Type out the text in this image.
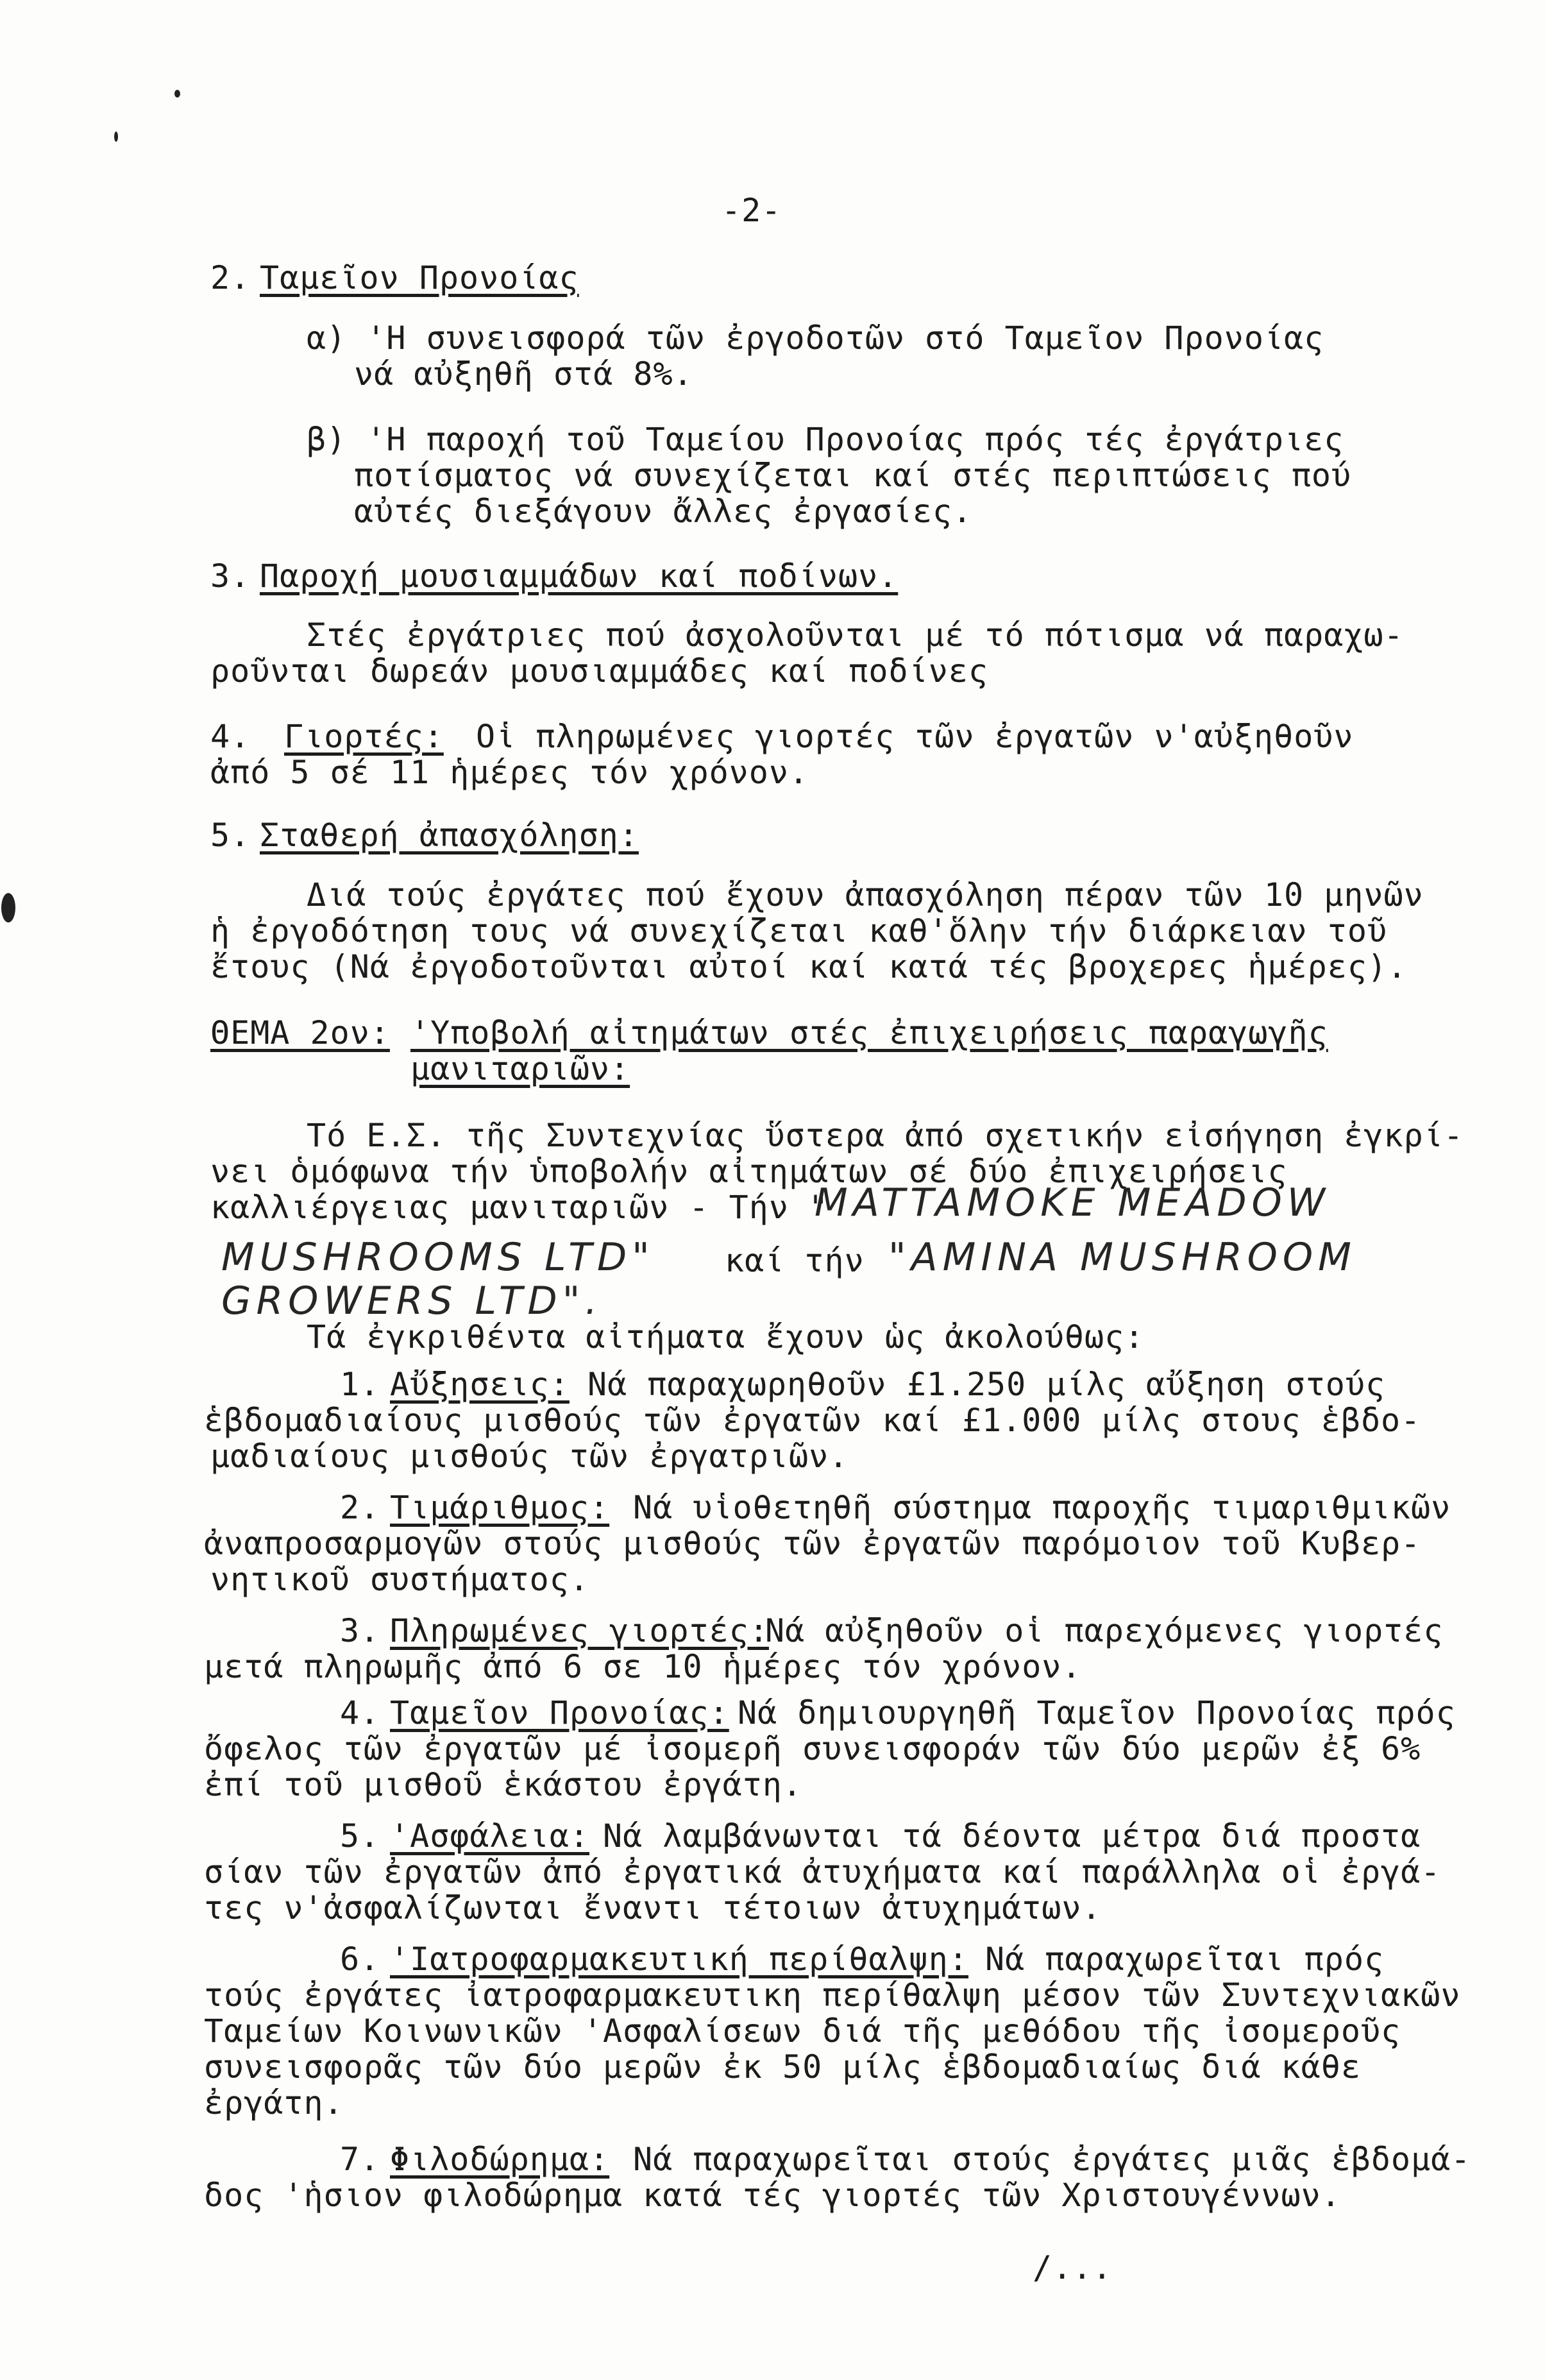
-2-
2. Ταμεῖον Προνοίας
α) 'Η συνεισφορά τῶν ἐργοδοτῶν στό Ταμεῖον Προνοίας
νά αὐξηθῆ στά 8%.
β) 'Η παροχή τοῦ Ταμείου Προνοίας πρός τές ἐργάτριες
ποτίσματος νά συνεχίζεται καί στές περιπτώσεις πού
αὐτές διεξάγουν ἄλλες ἐργασίες.
3. Παροχή μουσιαμμάδων καί ποδίνων.
Στές ἐργάτριες πού ἀσχολοῦνται μέ τό πότισμα νά παραχω-
ροῦνται δωρεάν μουσιαμμάδες καί ποδίνες
4. Γιορτές: Οἱ πληρωμένες γιορτές τῶν ἐργατῶν ν'αὐξηθοῦν
ἀπό 5 σέ 11 ἡμέρες τόν χρόνον.
5. Σταθερή ἀπασχόληση:
Διά τούς ἐργάτες πού ἔχουν ἀπασχόληση πέραν τῶν 10 μηνῶν
ἡ ἐργοδότηση τους νά συνεχίζεται καθ'ὅλην τήν διάρκειαν τοῦ
ἔτους (Νά ἐργοδοτοῦνται αὐτοί καί κατά τές βροχερες ἡμέρες).
ΘΕΜΑ 2ον: 'Υποβολή αἰτημάτων στές ἐπιχειρήσεις παραγωγῆς
μανιταριῶν:
Τό Ε.Σ. τῆς Συντεχνίας ὕστερα ἀπό σχετικήν εἰσήγηση ἐγκρί-
νει ὁμόφωνα τήν ὑποβολήν αἰτημάτων σέ δύο ἐπιχειρήσεις
καλλιέργειας μανιταριῶν - Τήν "
MATTAMOKE MEADOW
MUSHROOMS LTD" καί τήν "AMINA MUSHROOM
GROWERS LTD".
Τά ἐγκριθέντα αἰτήματα ἔχουν ὡς ἀκολούθως:
1. Αὔξησεις: Νά παραχωρηθοῦν £1.250 μίλς αὔξηση στούς
ἑβδομαδιαίους μισθούς τῶν ἐργατῶν καί £1.000 μίλς στους ἑβδο-
μαδιαίους μισθούς τῶν ἐργατριῶν.
2. Τιμάριθμος: Νά υἱοθετηθῆ σύστημα παροχῆς τιμαριθμικῶν
ἀναπροσαρμογῶν στούς μισθούς τῶν ἐργατῶν παρόμοιον τοῦ Κυβερ-
νητικοῦ συστήματος.
3. Πληρωμένες γιορτές:
Νά αὐξηθοῦν οἱ παρεχόμενες γιορτές
μετά πληρωμῆς ἀπό 6 σε 10 ἡμέρες τόν χρόνον.
4. Ταμεῖον Προνοίας: Νά δημιουργηθῆ Ταμεῖον Προνοίας πρός
ὄφελος τῶν ἐργατῶν μέ ἰσομερῆ συνεισφοράν τῶν δύο μερῶν ἐξ 6%
ἐπί τοῦ μισθοῦ ἑκάστου ἐργάτη.
5. 'Ασφάλεια: Νά λαμβάνωνται τά δέοντα μέτρα διά προστα
σίαν τῶν ἐργατῶν ἀπό ἐργατικά ἀτυχήματα καί παράλληλα οἱ ἐργά-
τες ν'ἀσφαλίζωνται ἔναντι τέτοιων ἀτυχημάτων.
6. 'Ιατροφαρμακευτική περίθαλψη: Νά παραχωρεῖται πρός
τούς ἐργάτες ἰατροφαρμακευτικη περίθαλψη μέσον τῶν Συντεχνιακῶν
Ταμείων Κοινωνικῶν 'Ασφαλίσεων διά τῆς μεθόδου τῆς ἰσομεροῦς
συνεισφορᾶς τῶν δύο μερῶν ἐκ 50 μίλς ἑβδομαδιαίως διά κάθε
ἐργάτη.
7. Φιλοδώρημα: Νά παραχωρεῖται στούς ἐργάτες μιᾶς ἑβδομά-
δος 'ἡσιον φιλοδώρημα κατά τές γιορτές τῶν Χριστουγέννων.
/...
